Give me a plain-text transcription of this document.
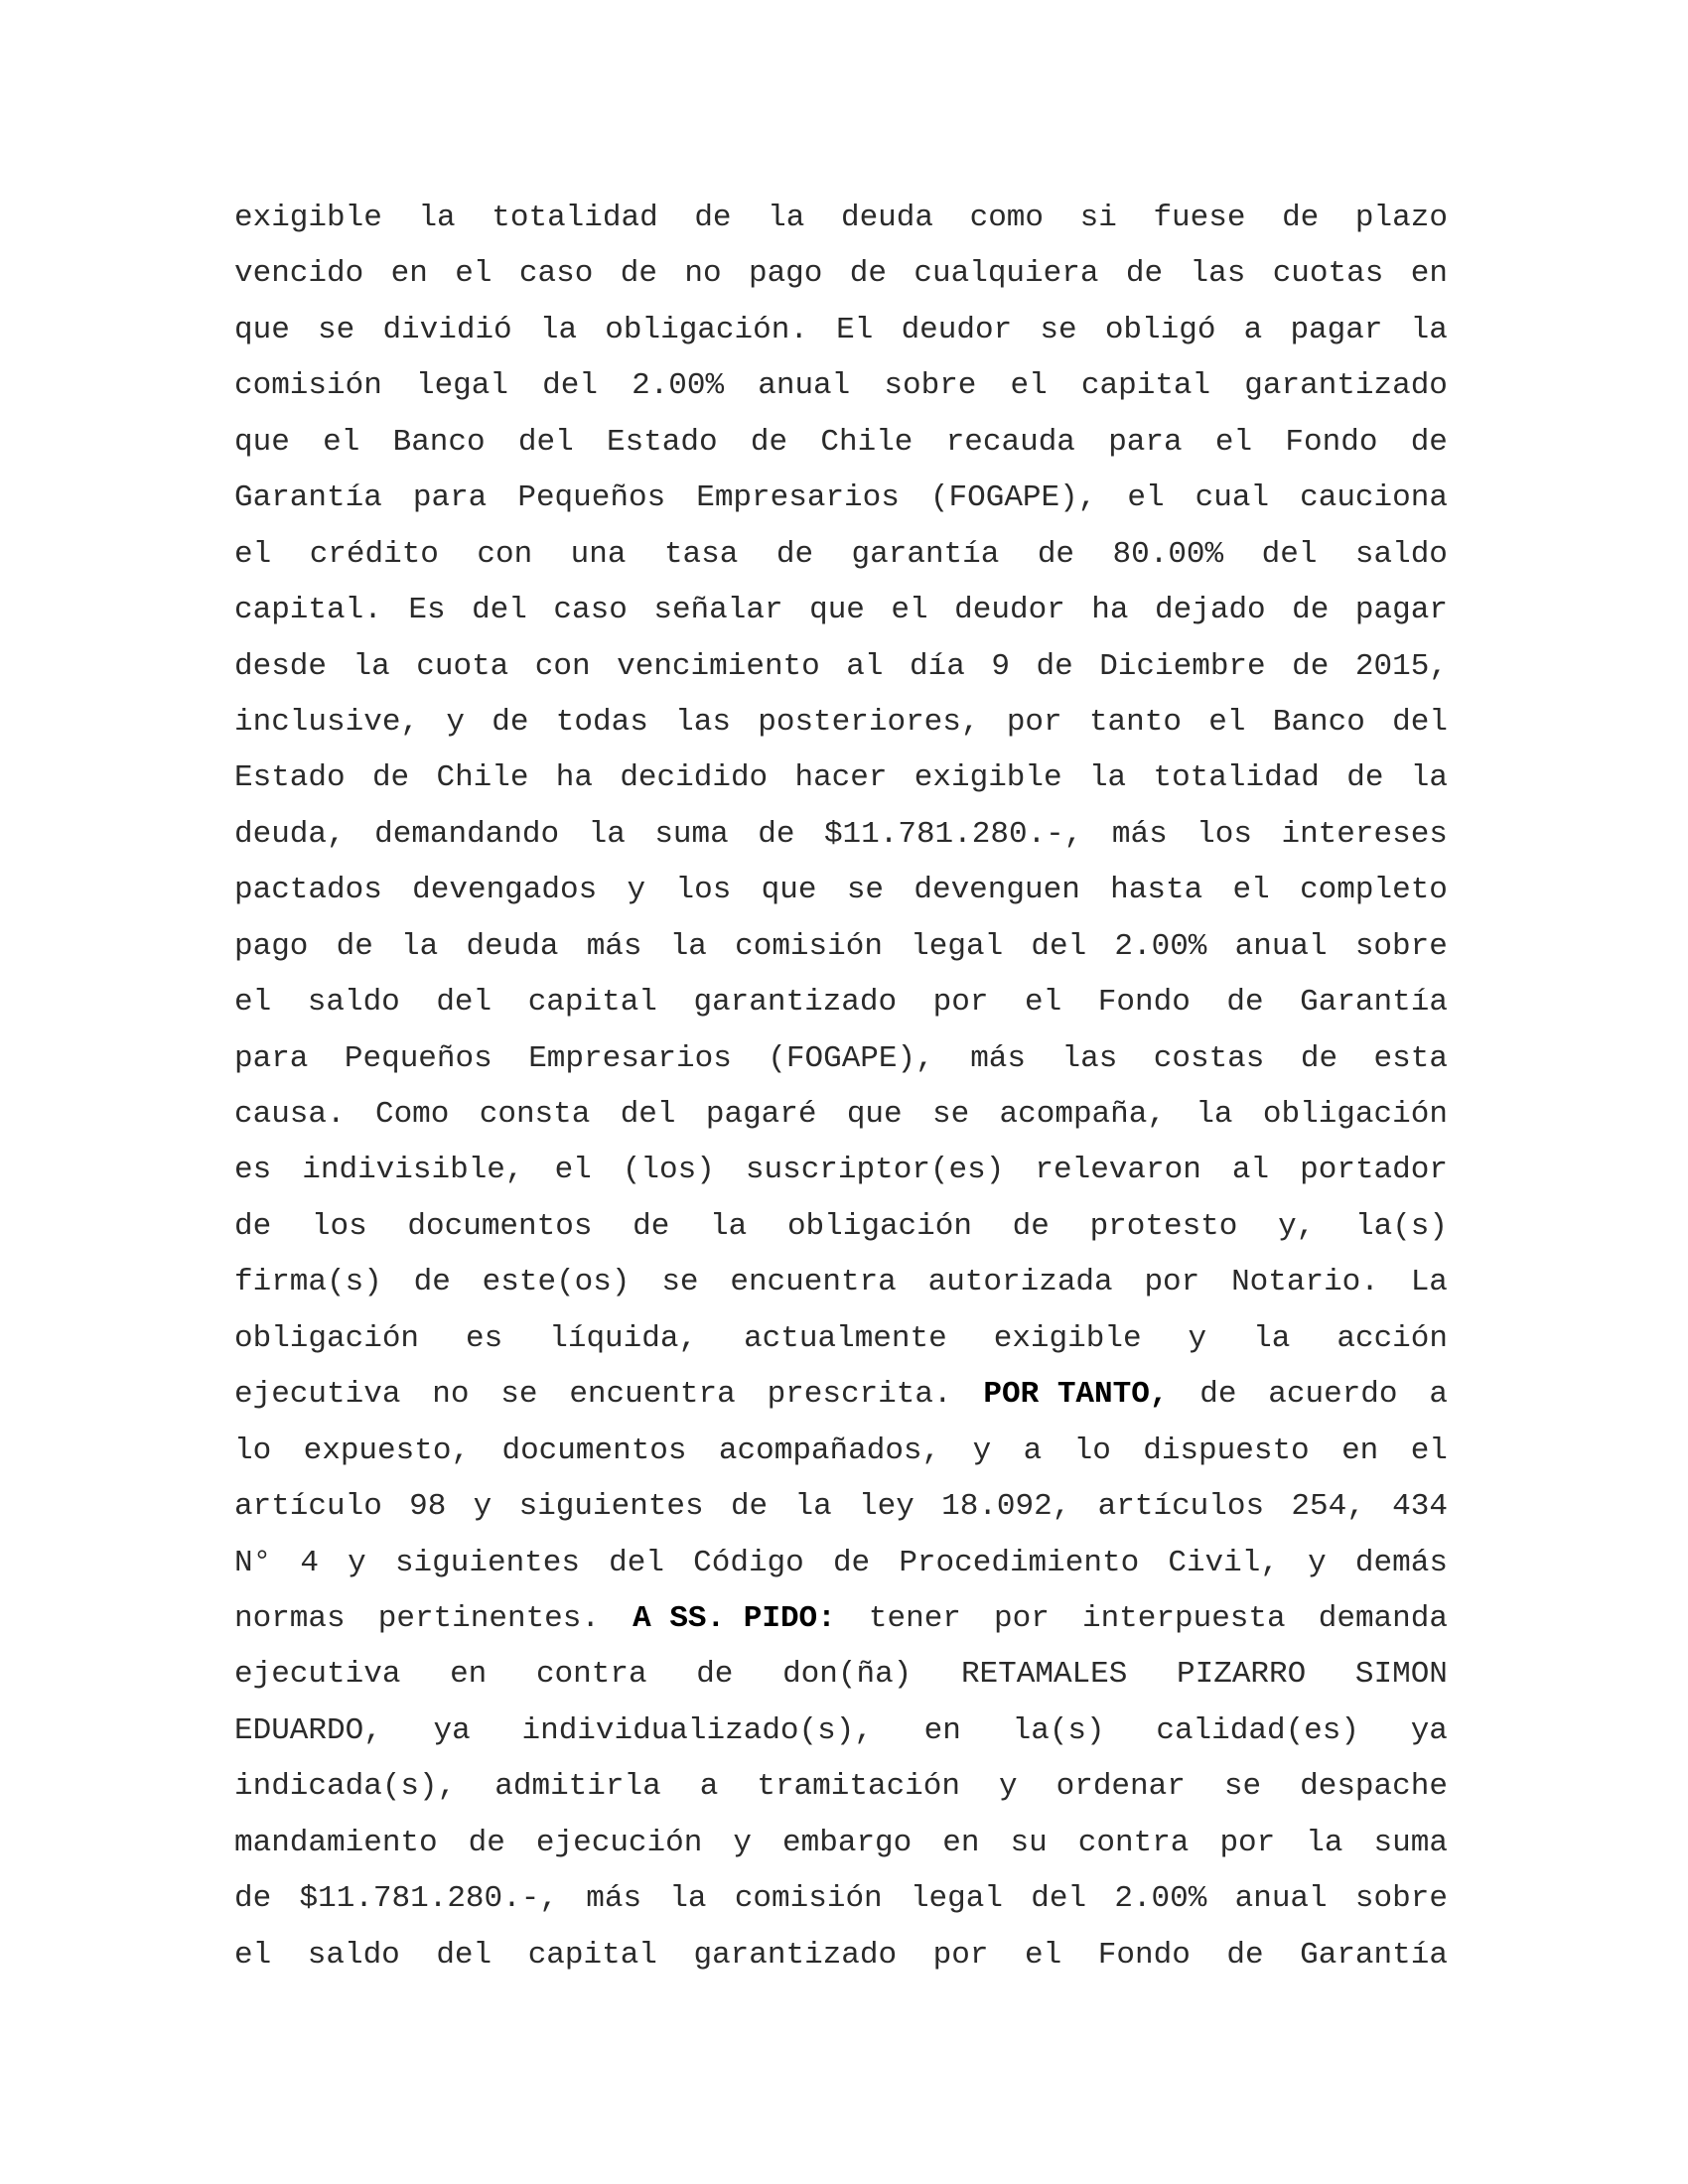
exigible la totalidad de la deuda como si fuese de plazo
vencido en el caso de no pago de cualquiera de las cuotas en
que se dividió la obligación. El deudor se obligó a pagar la
comisión legal del 2.00% anual sobre el capital garantizado
que el Banco del Estado de Chile recauda para el Fondo de
Garantía para Pequeños Empresarios (FOGAPE), el cual cauciona
el crédito con una tasa de garantía de 80.00% del saldo
capital. Es del caso señalar que el deudor ha dejado de pagar
desde la cuota con vencimiento al día 9 de Diciembre de 2015,
inclusive, y de todas las posteriores, por tanto el Banco del
Estado de Chile ha decidido hacer exigible la totalidad de la
deuda, demandando la suma de $11.781.280.-, más los intereses
pactados devengados y los que se devenguen hasta el completo
pago de la deuda más la comisión legal del 2.00% anual sobre
el saldo del capital garantizado por el Fondo de Garantía
para Pequeños Empresarios (FOGAPE), más las costas de esta
causa. Como consta del pagaré que se acompaña, la obligación
es indivisible, el (los) suscriptor(es) relevaron al portador
de los documentos de la obligación de protesto y, la(s)
firma(s) de este(os) se encuentra autorizada por Notario. La
obligación es líquida, actualmente exigible y la acción
ejecutiva no se encuentra prescrita. POR TANTO, de acuerdo a
lo expuesto, documentos acompañados, y a lo dispuesto en el
artículo 98 y siguientes de la ley 18.092, artículos 254, 434
N° 4 y siguientes del Código de Procedimiento Civil, y demás
normas pertinentes. A SS. PIDO: tener por interpuesta demanda
ejecutiva en contra de don(ña) RETAMALES PIZARRO SIMON
EDUARDO, ya individualizado(s), en la(s) calidad(es) ya
indicada(s), admitirla a tramitación y ordenar se despache
mandamiento de ejecución y embargo en su contra por la suma
de $11.781.280.-, más la comisión legal del 2.00% anual sobre
el saldo del capital garantizado por el Fondo de Garantía
